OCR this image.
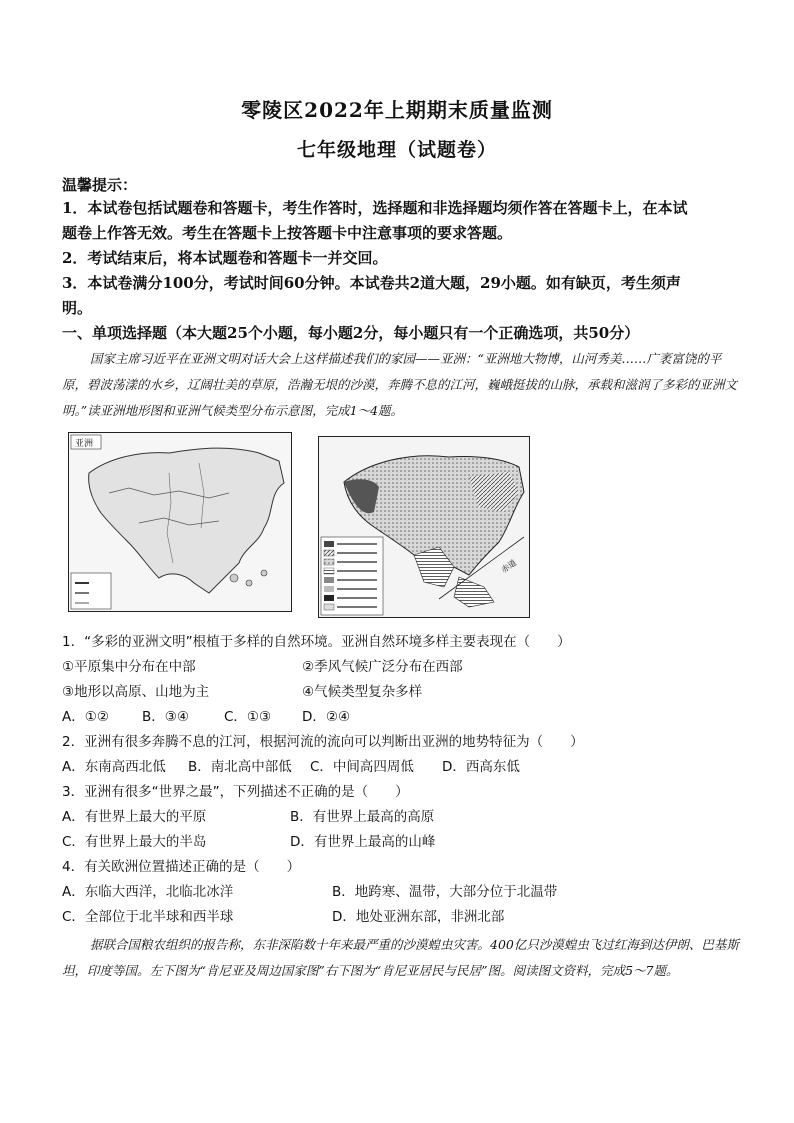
零陵区2022年上期期末质量监测
七年级地理（试题卷）
温馨提示：

1．本试卷包括试题卷和答题卡，考生作答时，选择题和非选择题均须作答在答题卡上，在本试

题卷上作答无效。考生在答题卡上按答题卡中注意事项的要求答题。

2．考试结束后，将本试题卷和答题卡一并交回。

3．本试卷满分100分，考试时间60分钟。本试卷共2道大题，29小题。如有缺页，考生须声

明。

一、单项选择题（本大题25个小题，每小题2分，每小题只有一个正确选项，共50分）
国家主席习近平在亚洲文明对话大会上这样描述我们的家园——亚洲：“亚洲地大物博，山河秀美……广袤富饶的平原，碧波荡漾的水乡，辽阔壮美的草原，浩瀚无垠的沙漠，奔腾不息的江河，巍峨挺拔的山脉，承载和滋润了多彩的亚洲文明。”读亚洲地形图和亚洲气候类型分布示意图，完成1～4题。
亚洲
赤道
1．“多彩的亚洲文明”根植于多样的自然环境。亚洲自然环境多样主要表现在（　　）
①平原集中分布在中部	②季风气候广泛分布在西部
③地形以高原、山地为主	④气候类型复杂多样
A．①②	B．③④	C．①③	D．②④
2．亚洲有很多奔腾不息的江河，根据河流的流向可以判断出亚洲的地势特征为（　　）
A．东南高西北低	B．南北高中部低	C．中间高四周低	D．西高东低
3．亚洲有很多“世界之最”，下列描述不正确的是（　　）
A．有世界上最大的平原	B．有世界上最高的高原
C．有世界上最大的半岛	D．有世界上最高的山峰
4．有关欧洲位置描述正确的是（　　）
A．东临大西洋，北临北冰洋	B．地跨寒、温带，大部分位于北温带
C．全部位于北半球和西半球	D．地处亚洲东部，非洲北部
据联合国粮农组织的报告称，东非深陷数十年来最严重的沙漠蝗虫灾害。400亿只沙漠蝗虫飞过红海到达伊朗、巴基斯坦，印度等国。左下图为“肯尼亚及周边国家图”右下图为“肯尼亚居民与民居”图。阅读图文资料，完成5～7题。
